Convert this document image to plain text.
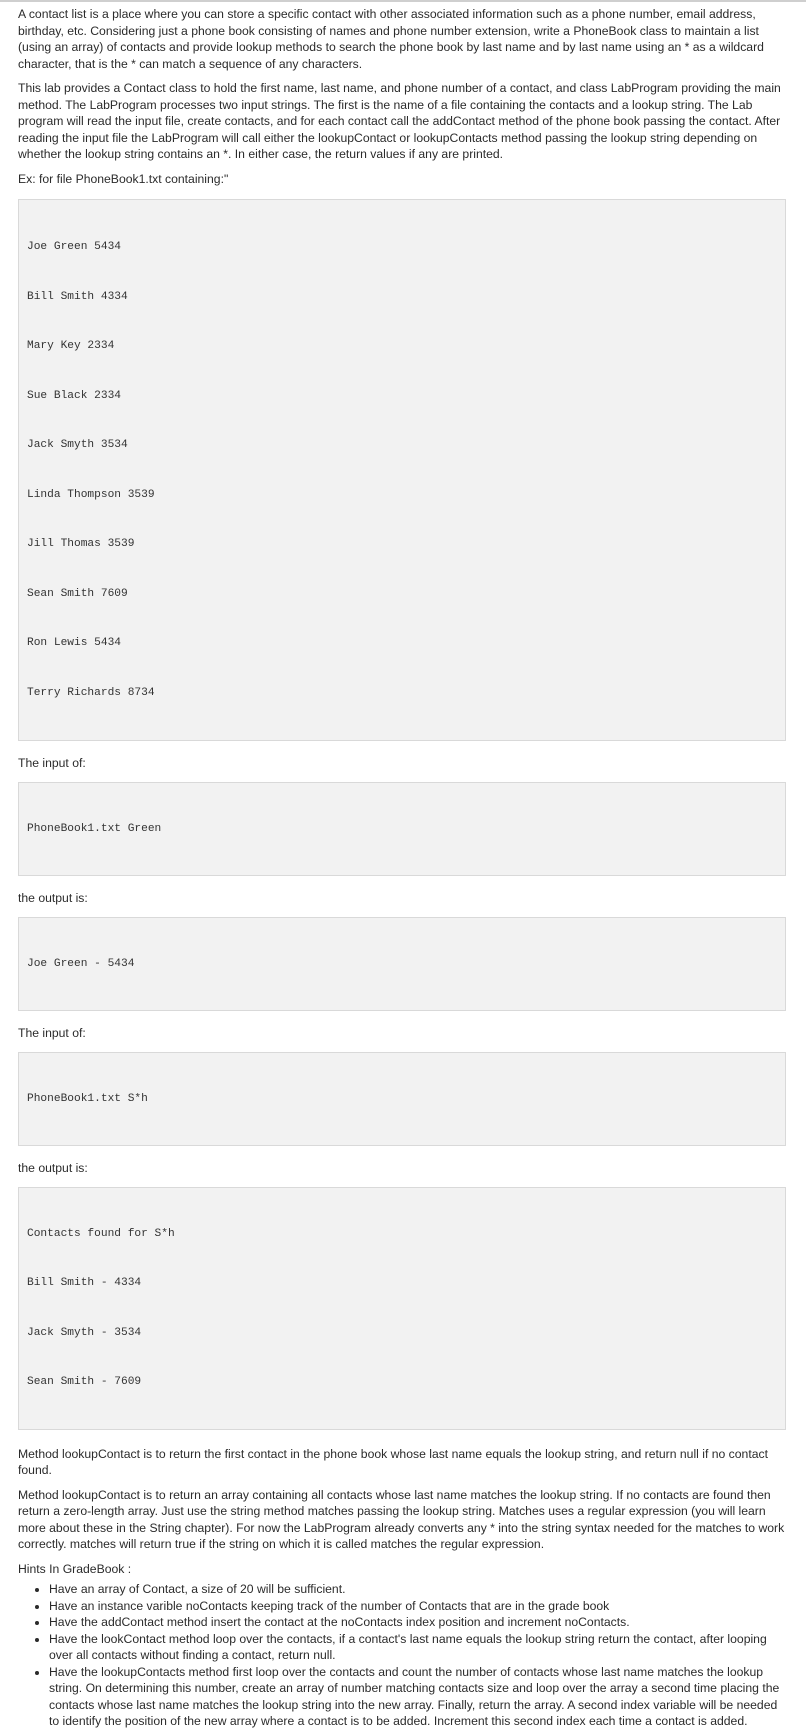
A contact list is a place where you can store a specific contact with other associated information such as a phone number, email address, birthday, etc. Considering just a phone book consisting of names and phone number extension, write a PhoneBook class to maintain a list (using an array) of contacts and provide lookup methods to search the phone book by last name and by last name using an * as a wildcard character, that is the * can match a sequence of any characters.

This lab provides a Contact class to hold the first name, last name, and phone number of a contact, and class LabProgram providing the main method. The LabProgram processes two input strings. The first is the name of a file containing the contacts and a lookup string. The Lab program will read the input file, create contacts, and for each contact call the addContact method of the phone book passing the contact. After reading the input file the LabProgram will call either the lookupContact or lookupContacts method passing the lookup string depending on whether the lookup string contains an *. In either case, the return values if any are printed.

Ex: for file PhoneBook1.txt containing:"

Joe Green 5434

Bill Smith 4334

Mary Key 2334

Sue Black 2334

Jack Smyth 3534

Linda Thompson 3539

Jill Thomas 3539

Sean Smith 7609

Ron Lewis 5434

Terry Richards 8734

The input of:

PhoneBook1.txt Green

the output is:

Joe Green - 5434

The input of:

PhoneBook1.txt S*h

the output is:

Contacts found for S*h

Bill Smith - 4334

Jack Smyth - 3534

Sean Smith - 7609

Method lookupContact is to return the first contact in the phone book whose last name equals the lookup string, and return null if no contact found.

Method lookupContact is to return an array containing all contacts whose last name matches the lookup string. If no contacts are found then return a zero-length array. Just use the string method matches passing the lookup string. Matches uses a regular expression (you will learn more about these in the String chapter). For now the LabProgram already converts any * into the string syntax needed for the matches to work correctly. matches will return true if the string on which it is called matches the regular expression.

Hints In GradeBook :

• Have an array of Contact, a size of 20 will be sufficient.
• Have an instance varible noContacts keeping track of the number of Contacts that are in the grade book
• Have the addContact method insert the contact at the noContacts index position and increment noContacts.
• Have the lookContact method loop over the contacts, if a contact's last name equals the lookup string return the contact, after looping over all contacts without finding a contact, return null.
• Have the lookupContacts method first loop over the contacts and count the number of contacts whose last name matches the lookup string. On determining this number, create an array of number matching contacts size and loop over the array a second time placing the contacts whose last name matches the lookup string into the new array. Finally, return the array. A second index variable will be needed to identify the position of the new array where a contact is to be added. Increment this second index each time a contact is added.
